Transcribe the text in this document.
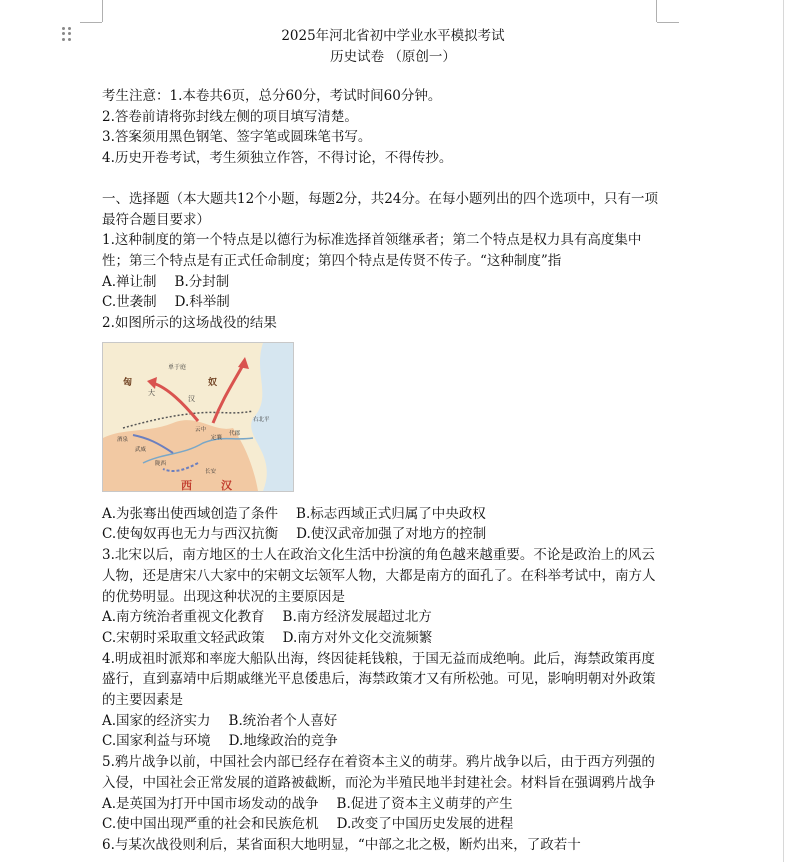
2025年河北省初中学业水平模拟考试
历史试卷 （原创一）

考生注意：1.本卷共6页，总分60分，考试时间60分钟。

2.答卷前请将弥封线左侧的项目填写清楚。

3.答案须用黑色钢笔、签字笔或圆珠笔书写。

4.历史开卷考试，考生须独立作答，不得讨论，不得传抄。

一、选择题（本大题共12个小题，每题2分，共24分。在每小题列出的四个选项中，只有一项最符合题目要求）

1.这种制度的第一个特点是以德行为标准选择首领继承者；第二个特点是权力具有高度集中性；第三个特点是有正式任命制度；第四个特点是传贤不传子。“这种制度”指

A.禅让制 B.分封制
C.世袭制 D.科举制

2.如图所示的这场战役的结果

匈	奴
单于庭
大
汉
西	汉
长安
陇西
酒泉
武威
代郡
右北平
云中
定襄
A.为张骞出使西域创造了条件 B.标志西域正式归属了中央政权
C.使匈奴再也无力与西汉抗衡 D.使汉武帝加强了对地方的控制

3.北宋以后，南方地区的士人在政治文化生活中扮演的角色越来越重要。不论是政治上的风云人物，还是唐宋八大家中的宋朝文坛领军人物，大都是南方的面孔了。在科举考试中，南方人的优势明显。出现这种状况的主要原因是

A.南方统治者重视文化教育 B.南方经济发展超过北方
C.宋朝时采取重文轻武政策 D.南方对外文化交流频繁

4.明成祖时派郑和率庞大船队出海，终因徒耗钱粮，于国无益而成绝响。此后，海禁政策再度盛行，直到嘉靖中后期戚继光平息倭患后，海禁政策才又有所松弛。可见，影响明朝对外政策的主要因素是

A.国家的经济实力 B.统治者个人喜好
C.国家利益与环境 D.地缘政治的竞争

5.鸦片战争以前，中国社会内部已经存在着资本主义的萌芽。鸦片战争以后，由于西方列强的入侵，中国社会正常发展的道路被截断，而沦为半殖民地半封建社会。材料旨在强调鸦片战争

A.是英国为打开中国市场发动的战争 B.促进了资本主义萌芽的产生
C.使中国出现严重的社会和民族危机 D.改变了中国历史发展的进程

6.与某次战役则利后，某省面积大地明显，“中部之北之极，断灼出来，了政若十
